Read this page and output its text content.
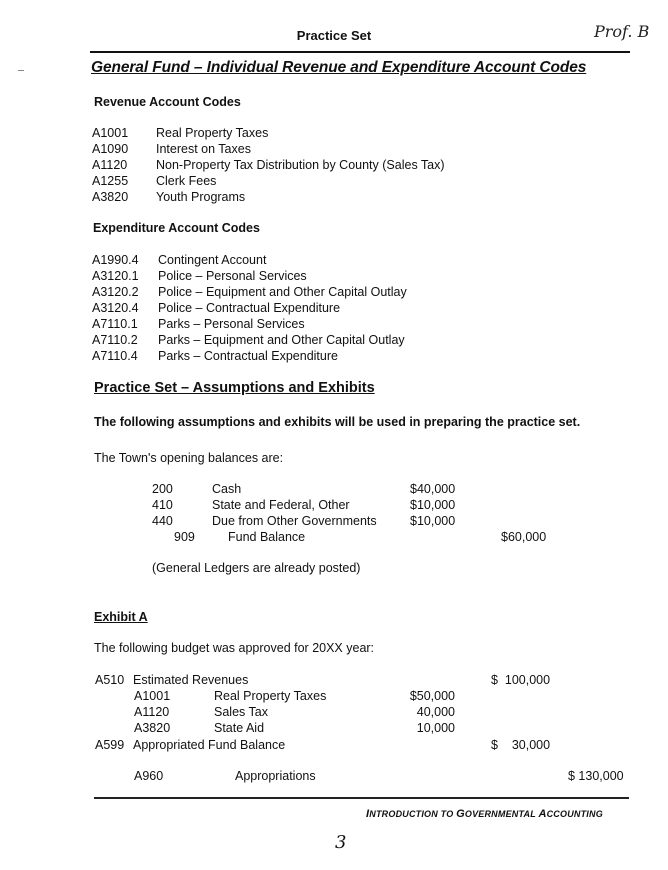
Practice Set	Prof. B
General Fund – Individual Revenue and Expenditure Account Codes
Revenue Account Codes
A1001	Real Property Taxes
A1090	Interest on Taxes
A1120	Non-Property Tax Distribution by County (Sales Tax)
A1255	Clerk Fees
A3820	Youth Programs
Expenditure Account Codes
A1990.4	Contingent Account
A3120.1	Police – Personal Services
A3120.2	Police – Equipment and Other Capital Outlay
A3120.4	Police – Contractual Expenditure
A7110.1	Parks – Personal Services
A7110.2	Parks – Equipment and Other Capital Outlay
A7110.4	Parks – Contractual Expenditure
Practice Set – Assumptions and Exhibits
The following assumptions and exhibits will be used in preparing the practice set.
The Town's opening balances are:
200	Cash	$40,000
410	State and Federal, Other	$10,000
440	Due from Other Governments	$10,000
909	Fund Balance	$60,000
(General Ledgers are already posted)
Exhibit A
The following budget was approved for 20XX year:
A510 Estimated Revenues	$  100,000
A1001	Real Property Taxes	$50,000
A1120	Sales Tax	40,000
A3820	State Aid	10,000
A599 Appropriated Fund Balance	$    30,000
A960	Appropriations	$ 130,000
INTRODUCTION TO GOVERNMENTAL ACCOUNTING
3
